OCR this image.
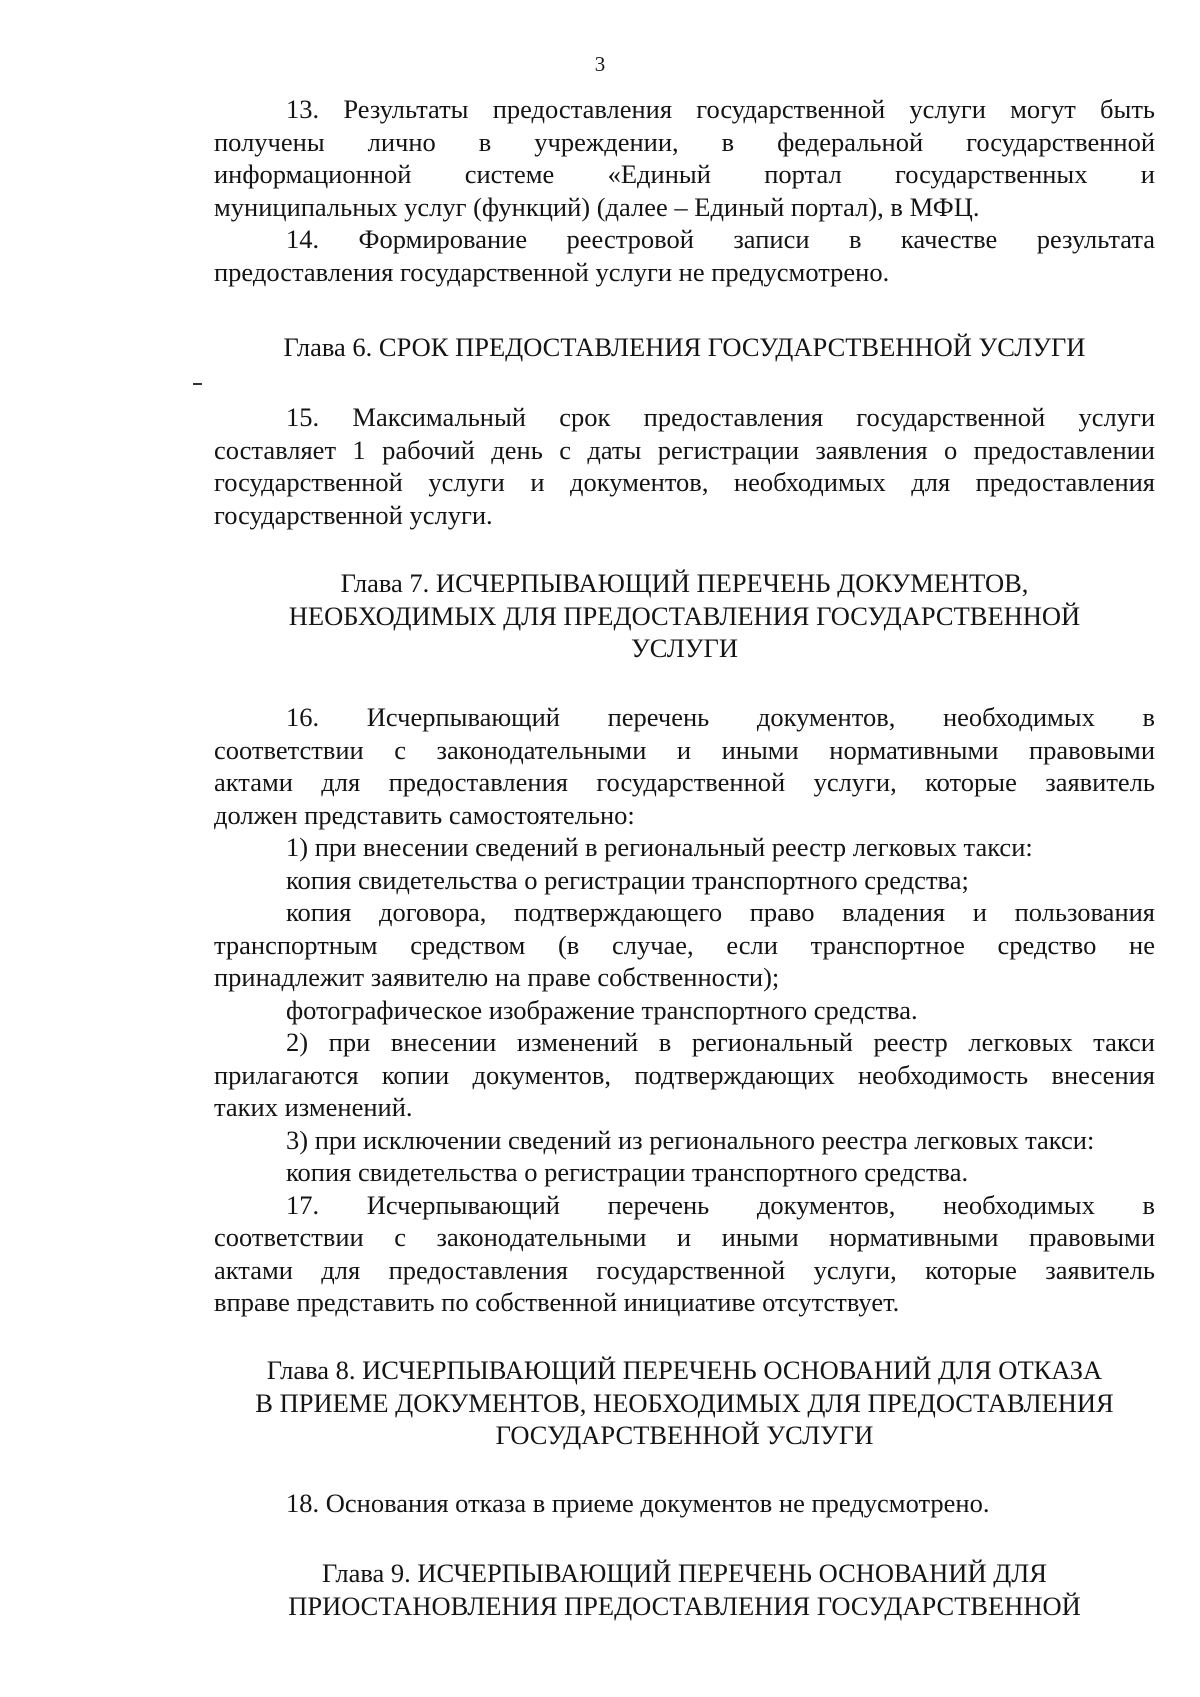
3
13. Результаты предоставления государственной услуги могут быть
получены лично в учреждении, в федеральной государственной
информационной системе «Единый портал государственных и
муниципальных услуг (функций) (далее – Единый портал), в МФЦ.
14. Формирование реестровой записи в качестве результата
предоставления государственной услуги не предусмотрено.
Глава 6. СРОК ПРЕДОСТАВЛЕНИЯ ГОСУДАРСТВЕННОЙ УСЛУГИ
15. Максимальный срок предоставления государственной услуги
составляет 1 рабочий день с даты регистрации заявления о предоставлении
государственной услуги и документов, необходимых для предоставления
государственной услуги.
Глава 7. ИСЧЕРПЫВАЮЩИЙ ПЕРЕЧЕНЬ ДОКУМЕНТОВ,
НЕОБХОДИМЫХ ДЛЯ ПРЕДОСТАВЛЕНИЯ ГОСУДАРСТВЕННОЙ
УСЛУГИ
16. Исчерпывающий перечень документов, необходимых в
соответствии с законодательными и иными нормативными правовыми
актами для предоставления государственной услуги, которые заявитель
должен представить самостоятельно:
1) при внесении сведений в региональный реестр легковых такси:
копия свидетельства о регистрации транспортного средства;
копия договора, подтверждающего право владения и пользования
транспортным средством (в случае, если транспортное средство не
принадлежит заявителю на праве собственности);
фотографическое изображение транспортного средства.
2) при внесении изменений в региональный реестр легковых такси
прилагаются копии документов, подтверждающих необходимость внесения
таких изменений.
3) при исключении сведений из регионального реестра легковых такси:
копия свидетельства о регистрации транспортного средства.
17. Исчерпывающий перечень документов, необходимых в
соответствии с законодательными и иными нормативными правовыми
актами для предоставления государственной услуги, которые заявитель
вправе представить по собственной инициативе отсутствует.
Глава 8. ИСЧЕРПЫВАЮЩИЙ ПЕРЕЧЕНЬ ОСНОВАНИЙ ДЛЯ ОТКАЗА
В ПРИЕМЕ ДОКУМЕНТОВ, НЕОБХОДИМЫХ ДЛЯ ПРЕДОСТАВЛЕНИЯ
ГОСУДАРСТВЕННОЙ УСЛУГИ
18. Основания отказа в приеме документов не предусмотрено.
Глава 9. ИСЧЕРПЫВАЮЩИЙ ПЕРЕЧЕНЬ ОСНОВАНИЙ ДЛЯ
ПРИОСТАНОВЛЕНИЯ ПРЕДОСТАВЛЕНИЯ ГОСУДАРСТВЕННОЙ
